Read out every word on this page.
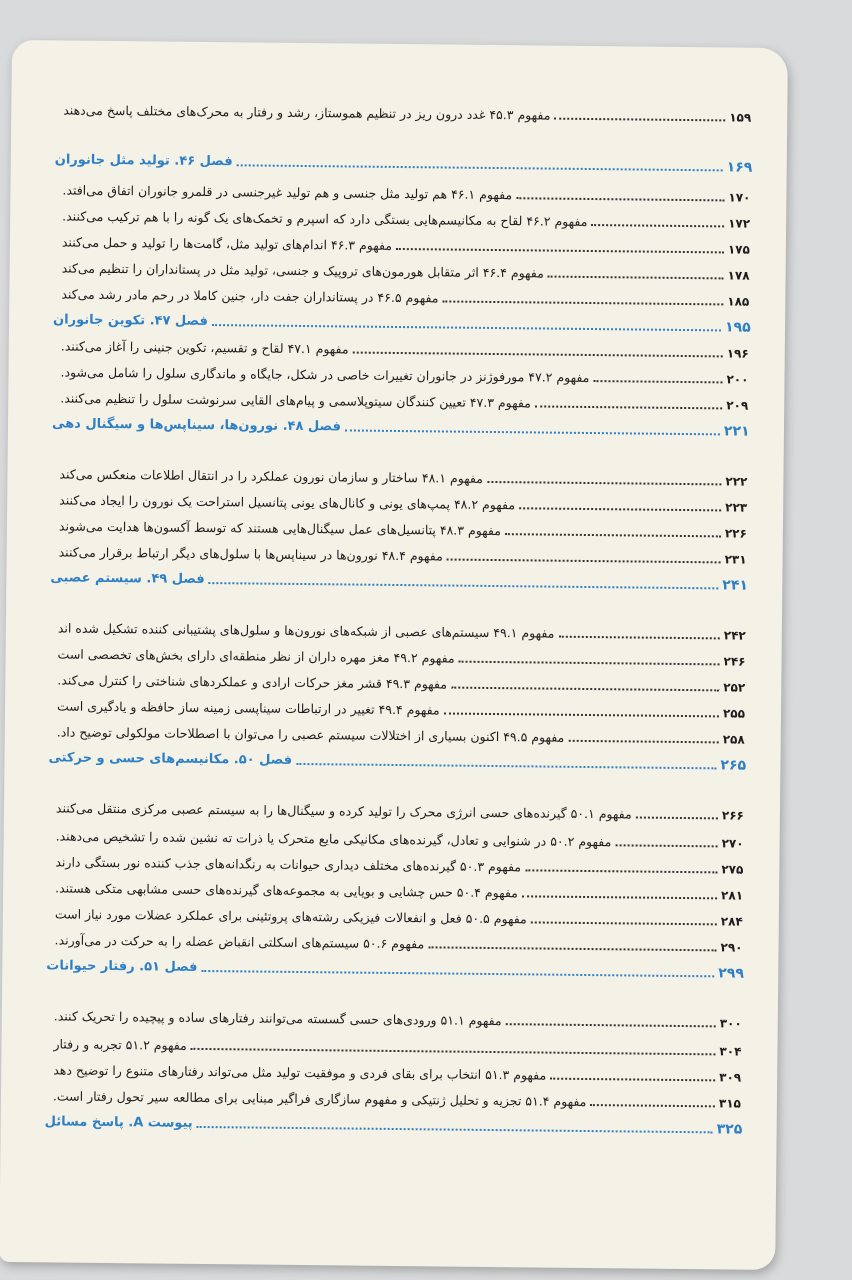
مفهوم ۴۵.۳ غدد درون ریز در تنظیم هموستاز، رشد و رفتار به محرک‌های مختلف پاسخ می‌دهند	۱۵۹
فصل ۴۶. تولید مثل جانوران	۱۶۹
مفهوم ۴۶.۱ هم تولید مثل جنسی و هم تولید غیرجنسی در قلمرو جانوران اتفاق می‌افتد.	۱۷۰
مفهوم ۴۶.۲ لقاح به مکانیسم‌هایی بستگی دارد که اسپرم و تخمک‌های یک گونه را با هم ترکیب می‌کنند.	۱۷۲
مفهوم ۴۶.۳ اندام‌های تولید مثل، گامت‌ها را تولید و حمل می‌کنند	۱۷۵
مفهوم ۴۶.۴ اثر متقابل هورمون‌های تروپیک و جنسی، تولید مثل در پستانداران را تنظیم می‌کند	۱۷۸
مفهوم ۴۶.۵ در پستانداران جفت دار، جنین کاملا در رحم مادر رشد می‌کند	۱۸۵
فصل ۴۷. تکوین جانوران	۱۹۵
مفهوم ۴۷.۱ لقاح و تقسیم، تکوین جنینی را آغاز می‌کنند.	۱۹۶
مفهوم ۴۷.۲ مورفوژنز در جانوران تغییرات خاصی در شکل، جایگاه و ماندگاری سلول را شامل می‌شود.	۲۰۰
مفهوم ۴۷.۳ تعیین کنندگان سیتوپلاسمی و پیام‌های القایی سرنوشت سلول را تنظیم می‌کنند.	۲۰۹
فصل ۴۸. نورون‌ها، سیناپس‌ها و سیگنال دهی	۲۲۱
مفهوم ۴۸.۱ ساختار و سازمان نورون عملکرد را در انتقال اطلاعات منعکس می‌کند	۲۲۲
مفهوم ۴۸.۲ پمپ‌های یونی و کانال‌های یونی پتانسیل استراحت یک نورون را ایجاد می‌کنند	۲۲۳
مفهوم ۴۸.۳ پتانسیل‌های عمل سیگنال‌هایی هستند که توسط آکسون‌ها هدایت می‌شوند	۲۲۶
مفهوم ۴۸.۴ نورون‌ها در سیناپس‌ها با سلول‌های دیگر ارتباط برقرار می‌کنند	۲۳۱
فصل ۴۹. سیستم عصبی	۲۴۱
مفهوم ۴۹.۱ سیستم‌های عصبی از شبکه‌های نورون‌ها و سلول‌های پشتیبانی کننده تشکیل شده اند	۲۴۲
مفهوم ۴۹.۲ مغز مهره داران از نظر منطقه‌ای دارای بخش‌های تخصصی است	۲۴۶
مفهوم ۴۹.۳ قشر مغز حرکات ارادی و عملکردهای شناختی را کنترل می‌کند.	۲۵۲
مفهوم ۴۹.۴ تغییر در ارتباطات سیناپسی زمینه ساز حافظه و یادگیری است	۲۵۵
مفهوم ۴۹.۵ اکنون بسیاری از اختلالات سیستم عصبی را می‌توان با اصطلاحات مولکولی توضیح داد.	۲۵۸
فصل ۵۰. مکانیسم‌های حسی و حرکتی	۲۶۵
مفهوم ۵۰.۱ گیرنده‌های حسی انرژی محرک را تولید کرده و سیگنال‌ها را به سیستم عصبی مرکزی منتقل می‌کنند	۲۶۶
مفهوم ۵۰.۲ در شنوایی و تعادل، گیرنده‌های مکانیکی مایع متحرک یا ذرات ته نشین شده را تشخیص می‌دهند.	۲۷۰
مفهوم ۵۰.۳ گیرنده‌های مختلف دیداری حیوانات به رنگدانه‌های جذب کننده نور بستگی دارند	۲۷۵
مفهوم ۵۰.۴ حس چشایی و بویایی به مجموعه‌های گیرنده‌های حسی مشابهی متکی هستند.	۲۸۱
مفهوم ۵۰.۵ فعل و انفعالات فیزیکی رشته‌های پروتئینی برای عملکرد عضلات مورد نیاز است	۲۸۴
مفهوم ۵۰.۶ سیستم‌های اسکلتی انقباض عضله را به حرکت در می‌آورند.	۲۹۰
فصل ۵۱. رفتار حیوانات	۲۹۹
مفهوم ۵۱.۱ ورودی‌های حسی گسسته می‌توانند رفتارهای ساده و پیچیده را تحریک کنند.	۳۰۰
مفهوم ۵۱.۲ تجربه و رفتار	۳۰۴
مفهوم ۵۱.۳ انتخاب برای بقای فردی و موفقیت تولید مثل می‌تواند رفتارهای متنوع را توضیح دهد	۳۰۹
مفهوم ۵۱.۴ تجزیه و تحلیل ژنتیکی و مفهوم سازگاری فراگیر مبنایی برای مطالعه سیر تحول رفتار است.	۳۱۵
پیوست A. پاسخ مسائل	۳۲۵
